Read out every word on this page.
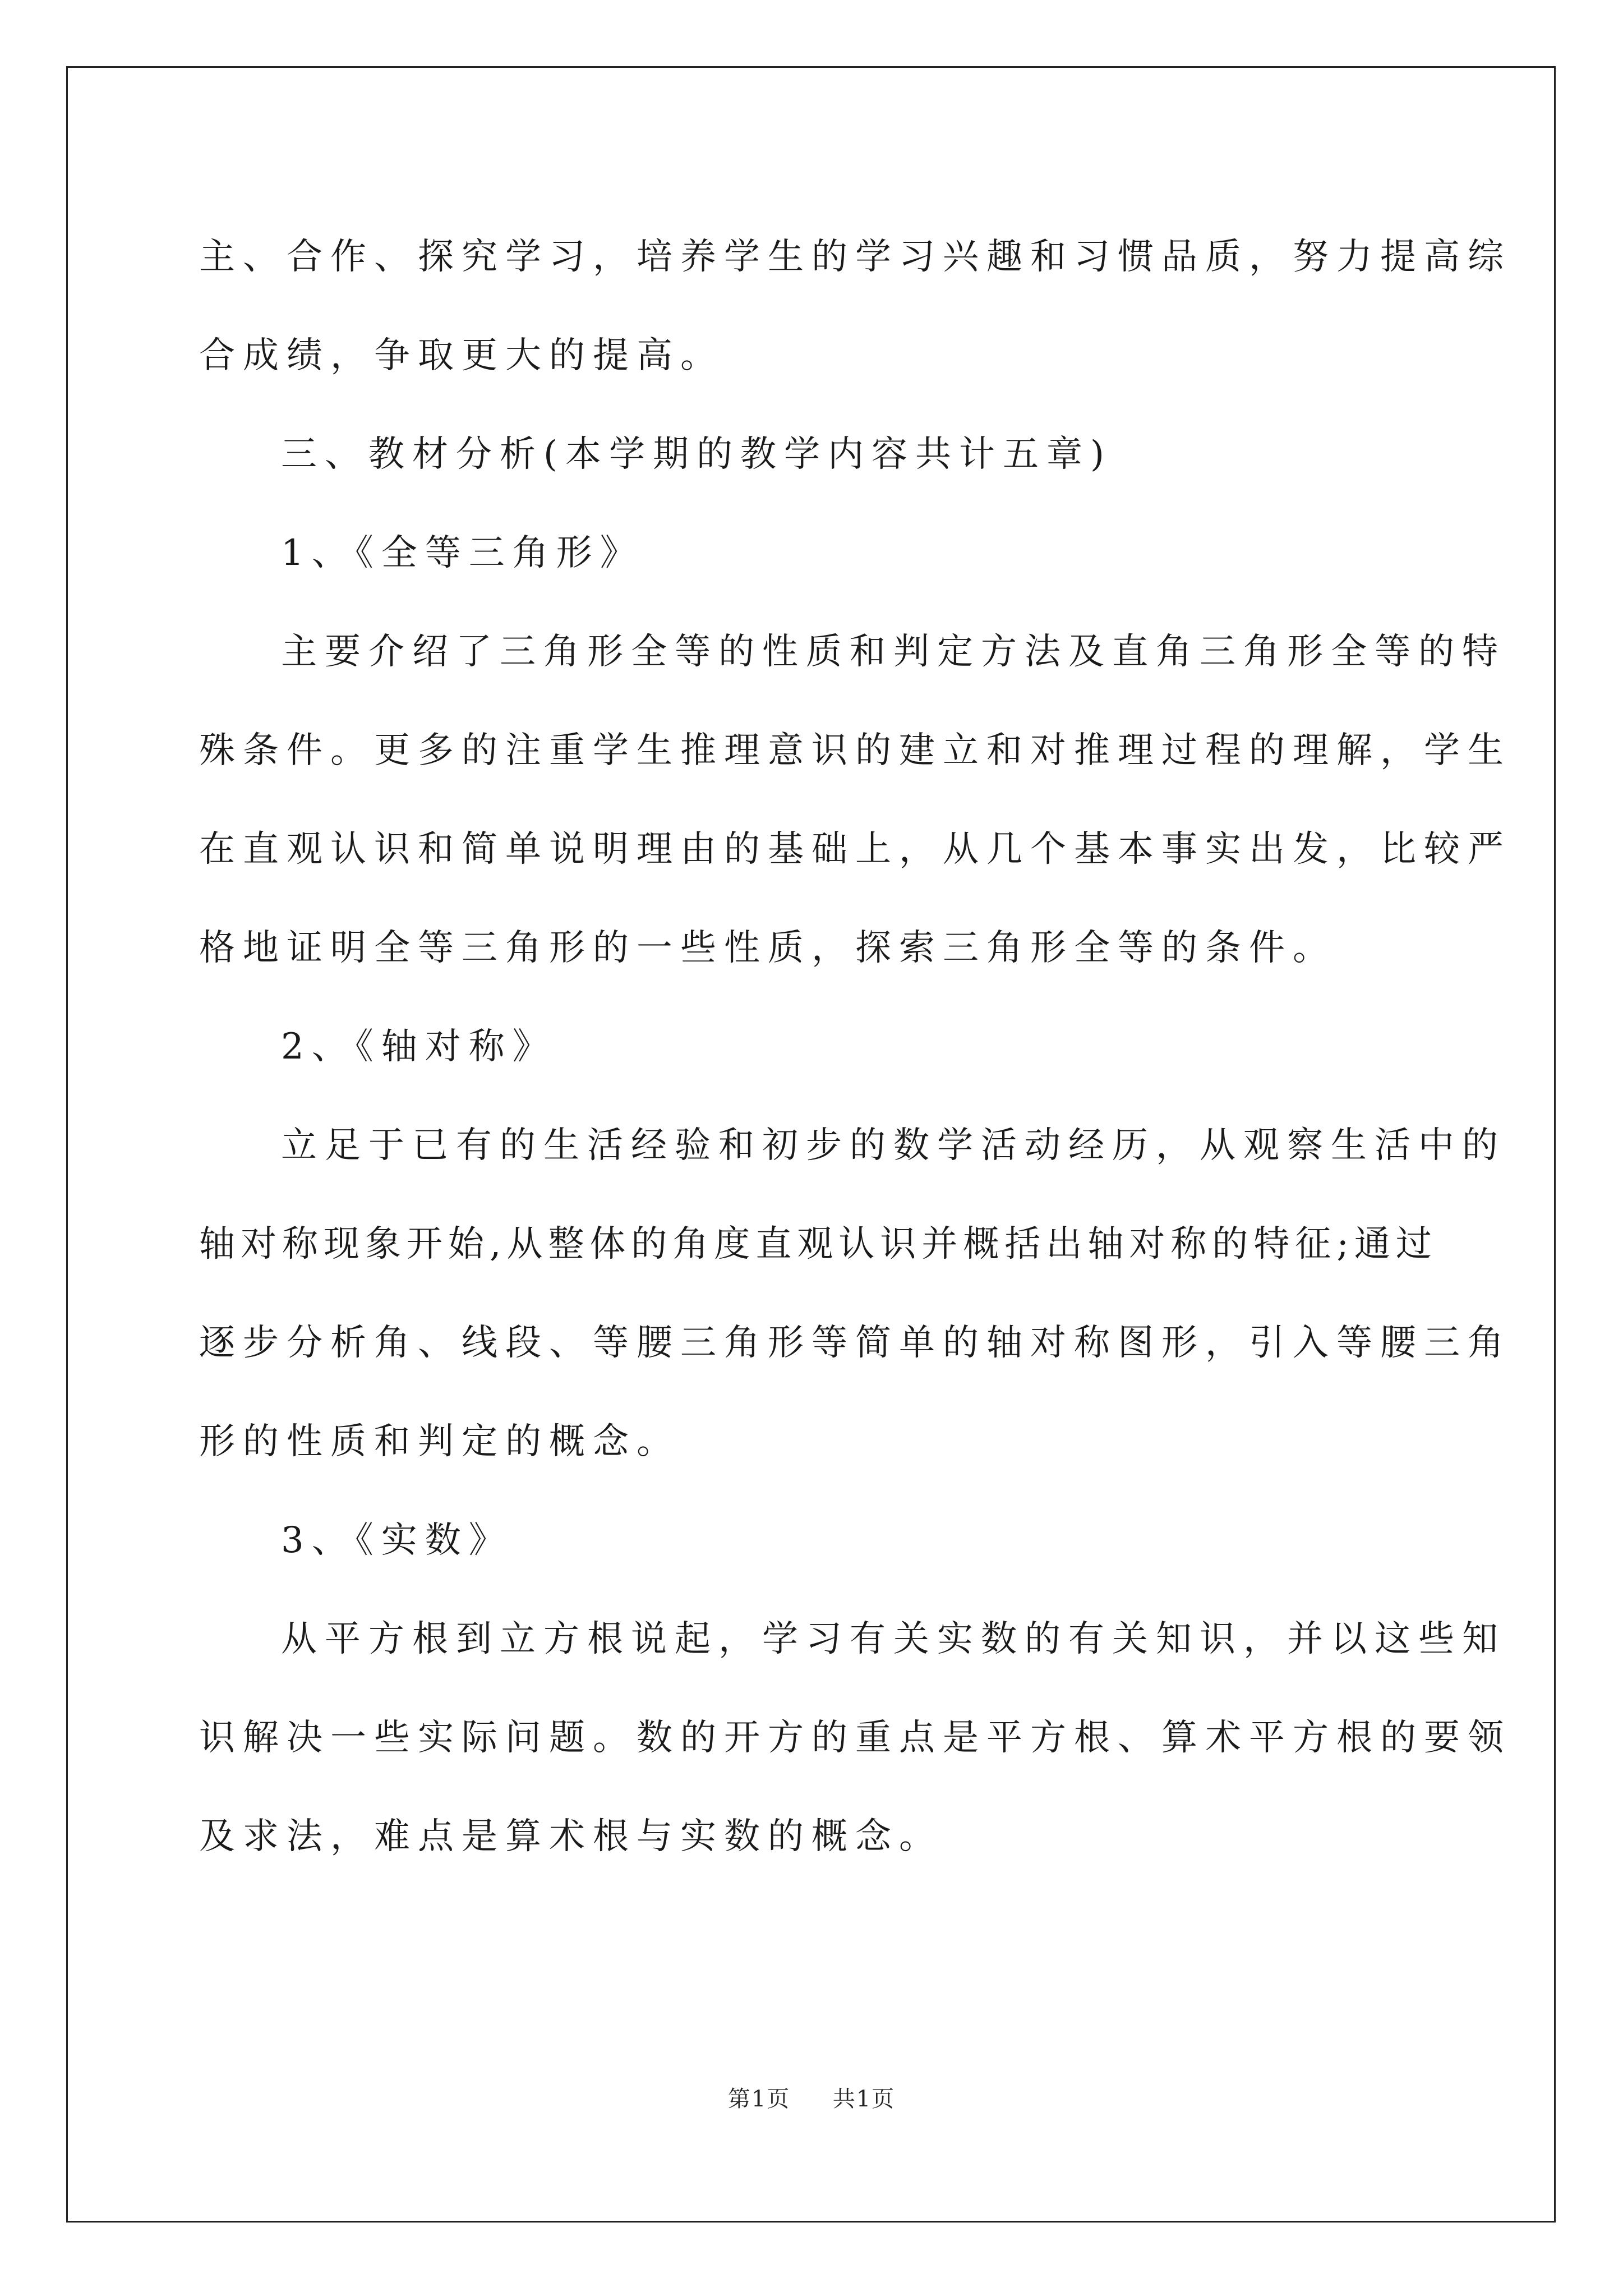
主、合作、探究学习，培养学生的学习兴趣和习惯品质，努力提高综

合成绩，争取更大的提高。

三、教材分析(本学期的教学内容共计五章)

1、《全等三角形》

主要介绍了三角形全等的性质和判定方法及直角三角形全等的特

殊条件。更多的注重学生推理意识的建立和对推理过程的理解，学生

在直观认识和简单说明理由的基础上，从几个基本事实出发，比较严

格地证明全等三角形的一些性质，探索三角形全等的条件。

2、《轴对称》

立足于已有的生活经验和初步的数学活动经历，从观察生活中的

轴对称现象开始,从整体的角度直观认识并概括出轴对称的特征;通过

逐步分析角、线段、等腰三角形等简单的轴对称图形，引入等腰三角

形的性质和判定的概念。

3、《实数》

从平方根到立方根说起，学习有关实数的有关知识，并以这些知

识解决一些实际问题。数的开方的重点是平方根、算术平方根的要领

及求法，难点是算术根与实数的概念。

第1页 共1页
